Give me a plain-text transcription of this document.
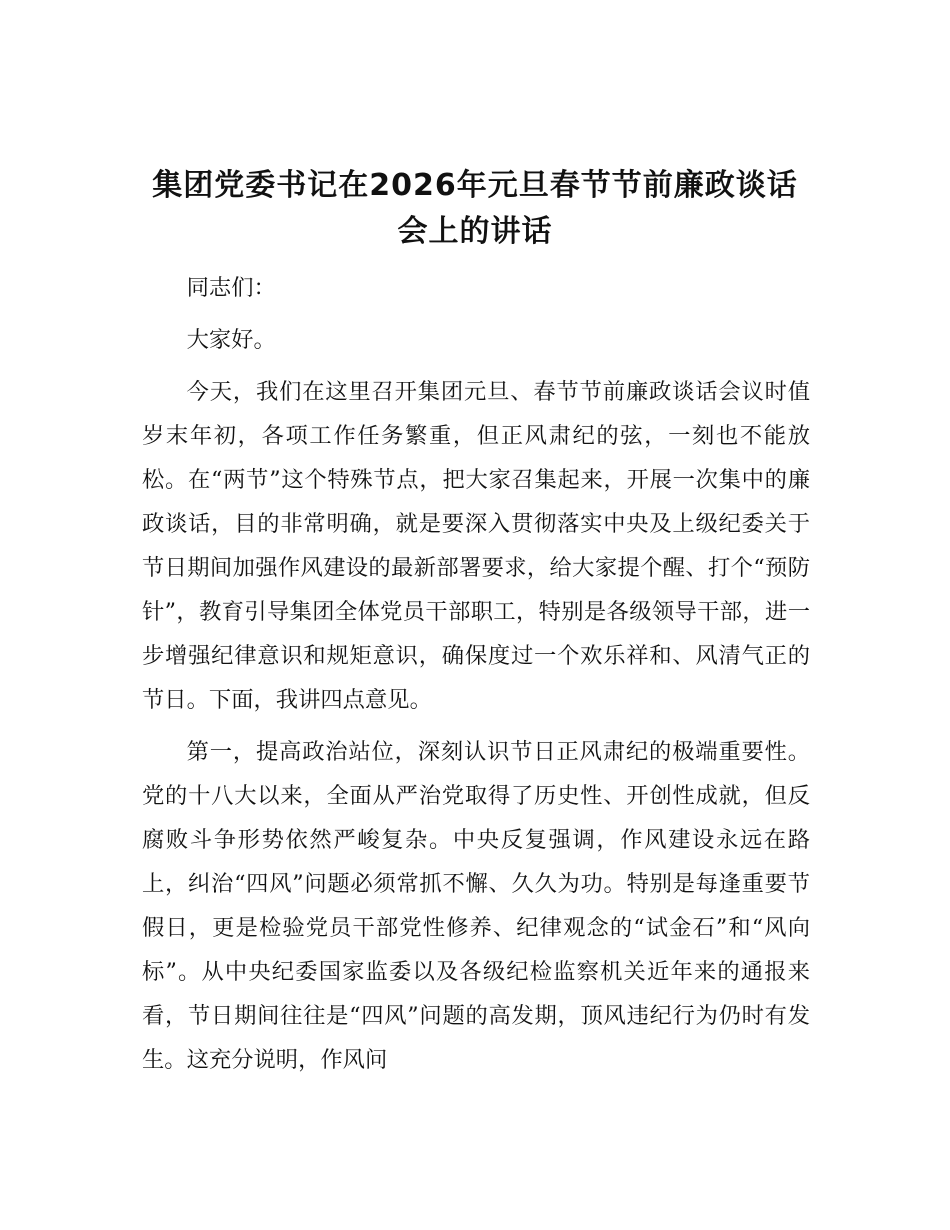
集团党委书记在2026年元旦春节节前廉政谈话
会上的讲话

同志们：

大家好。

今天，我们在这里召开集团元旦、春节节前廉政谈话会议时值岁末年初，各项工作任务繁重，但正风肃纪的弦，一刻也不能放松。在“两节”这个特殊节点，把大家召集起来，开展一次集中的廉政谈话，目的非常明确，就是要深入贯彻落实中央及上级纪委关于节日期间加强作风建设的最新部署要求，给大家提个醒、打个“预防针”，教育引导集团全体党员干部职工，特别是各级领导干部，进一步增强纪律意识和规矩意识，确保度过一个欢乐祥和、风清气正的节日。下面，我讲四点意见。

第一，提高政治站位，深刻认识节日正风肃纪的极端重要性。党的十八大以来，全面从严治党取得了历史性、开创性成就，但反腐败斗争形势依然严峻复杂。中央反复强调，作风建设永远在路上，纠治“四风”问题必须常抓不懈、久久为功。特别是每逢重要节假日，更是检验党员干部党性修养、纪律观念的“试金石”和“风向标”。从中央纪委国家监委以及各级纪检监察机关近年来的通报来看，节日期间往往是“四风”问题的高发期，顶风违纪行为仍时有发生。这充分说明，作风问
